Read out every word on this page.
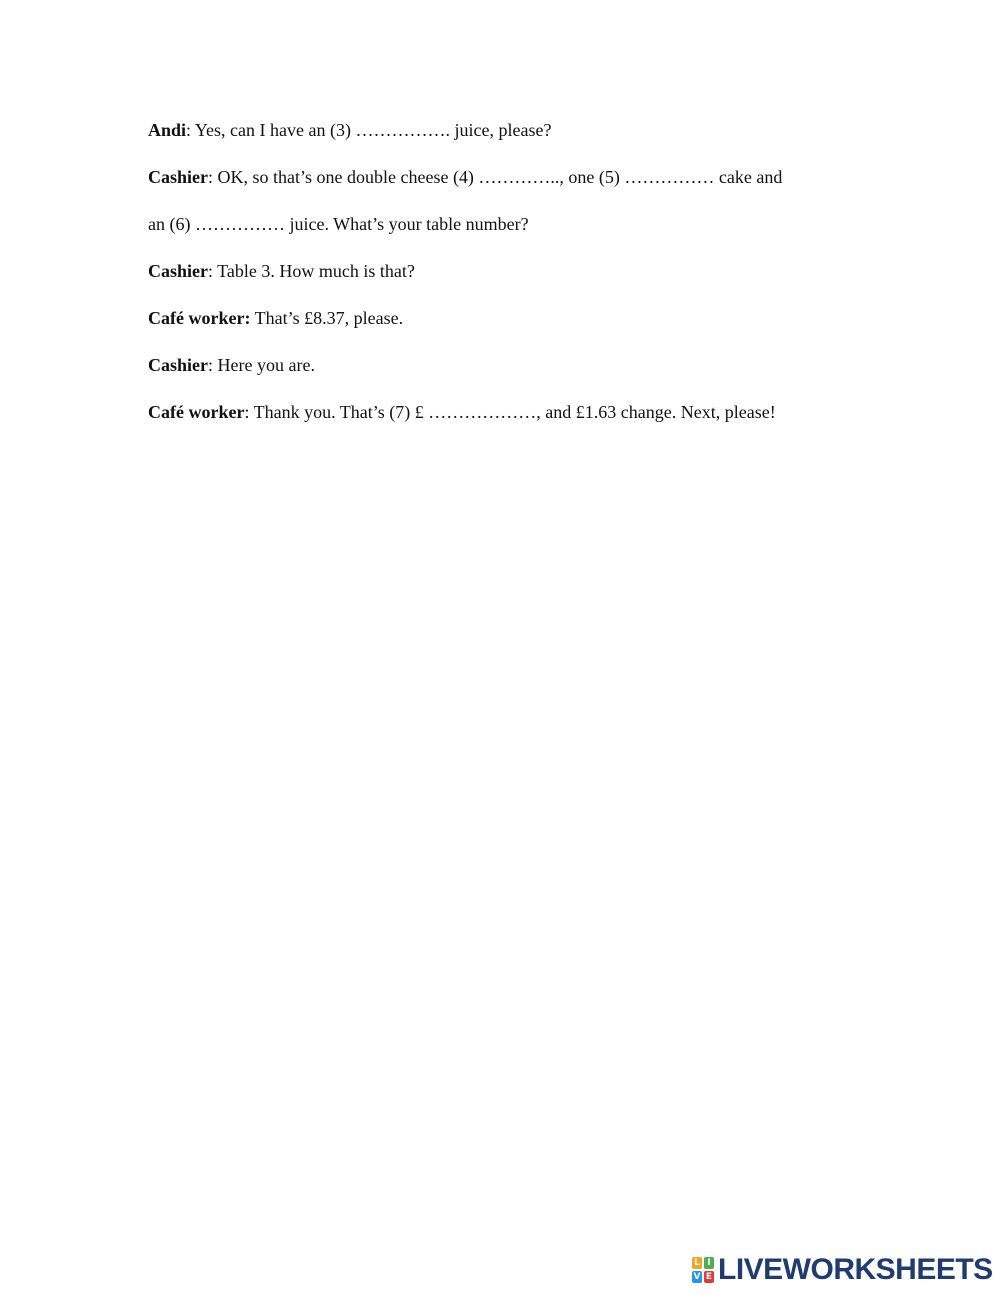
Andi: Yes, can I have an (3) ……………. juice, please?
Cashier: OK, so that’s one double cheese (4) ………….., one (5) …………… cake and
an (6) …………… juice. What’s your table number?
Cashier: Table 3. How much is that?
Café worker: That’s £8.37, please.
Cashier: Here you are.
Café worker: Thank you. That’s (7) £ ………………, and £1.63 change. Next, please!
L I
V E LIVEWORKSHEETS
